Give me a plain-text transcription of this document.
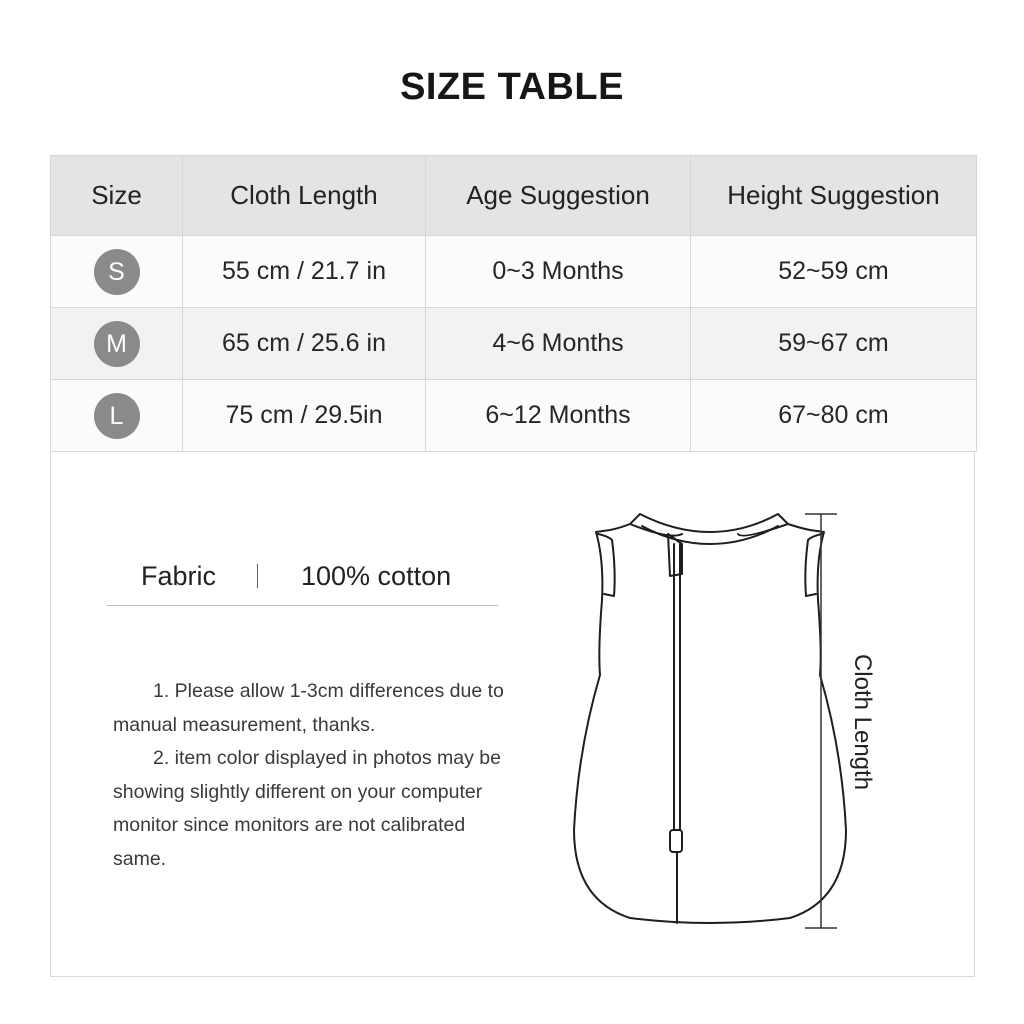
SIZE TABLE
Size	Cloth Length	Age Suggestion	Height Suggestion
S	55 cm / 21.7 in	0~3 Months	52~59 cm
M	65 cm / 25.6 in	4~6 Months	59~67 cm
L	75 cm / 29.5in	6~12 Months	67~80 cm
Fabric	100% cotton

1. Please allow 1-3cm differences due to manual measurement, thanks.

2. item color displayed in photos may be showing slightly different on your computer monitor since monitors are not calibrated same.

Cloth Length
